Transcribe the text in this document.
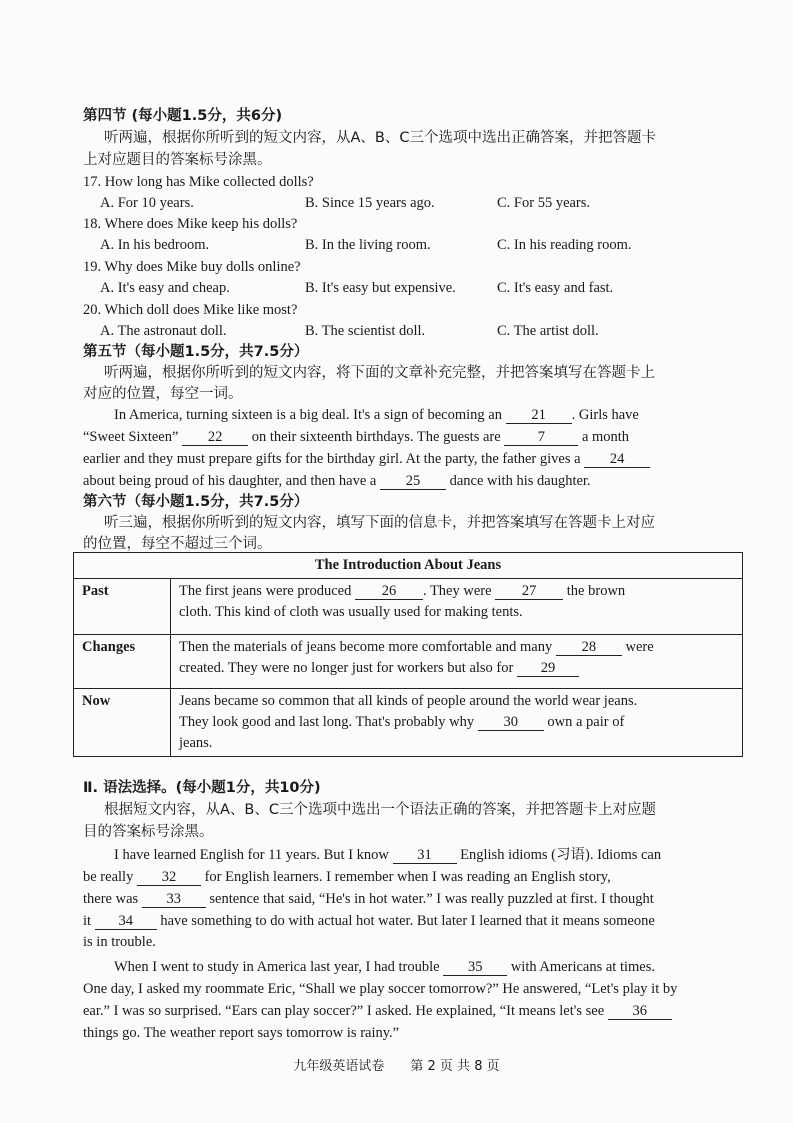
第四节 (每小题1.5分，共6分)
听两遍，根据你所听到的短文内容，从A、B、C三个选项中选出正确答案，并把答题卡
上对应题目的答案标号涂黑。
17. How long has Mike collected dolls?
A. For 10 years.	B. Since 15 years ago.	C. For 55 years.
18. Where does Mike keep his dolls?
A. In his bedroom.	B. In the living room.	C. In his reading room.
19. Why does Mike buy dolls online?
A. It's easy and cheap.	B. It's easy but expensive.	C. It's easy and fast.
20. Which doll does Mike like most?
A. The astronaut doll.	B. The scientist doll.	C. The artist doll.
第五节（每小题1.5分，共7.5分）
听两遍，根据你所听到的短文内容，将下面的文章补充完整，并把答案填写在答题卡上
对应的位置，每空一词。
In America, turning sixteen is a big deal. It's a sign of becoming an 21 . Girls have
“Sweet Sixteen” 22 on their sixteenth birthdays. The guests are	7	a month
earlier and they must prepare gifts for the birthday girl. At the party, the father gives a 24
about being proud of his daughter, and then have a 25 dance with his daughter.
第六节（每小题1.5分，共7.5分）
听三遍，根据你所听到的短文内容，填写下面的信息卡，并把答案填写在答题卡上对应
的位置，每空不超过三个词。
The Introduction About Jeans	
Past	The first jeans were produced 26 . They were 27 the brown
cloth. This kind of cloth was usually used for making tents.
Changes	Then the materials of jeans become more comfortable and many 28 were
created. They were no longer just for workers but also for 29
Now	Jeans became so common that all kinds of people around the world wear jeans.
They look good and last long. That's probably why 30 own a pair of
jeans.
Ⅱ. 语法选择。(每小题1分，共10分)
根据短文内容，从A、B、C三个选项中选出一个语法正确的答案，并把答题卡上对应题
目的答案标号涂黑。
I have learned English for 11 years. But I know 31 English idioms (习语). Idioms can
be really 32 for English learners. I remember when I was reading an English story,
there was 33 sentence that said, “He's in hot water.” I was really puzzled at first. I thought
it 34 have something to do with actual hot water. But later I learned that it means someone
is in trouble.
When I went to study in America last year, I had trouble 35 with Americans at times.
One day, I asked my roommate Eric, “Shall we play soccer tomorrow?” He answered, “Let's play it by
ear.” I was so surprised. “Ears can play soccer?” I asked. He explained, “It means let's see 36
things go. The weather report says tomorrow is rainy.”
九年级英语试卷　　第 2 页 共 8 页
